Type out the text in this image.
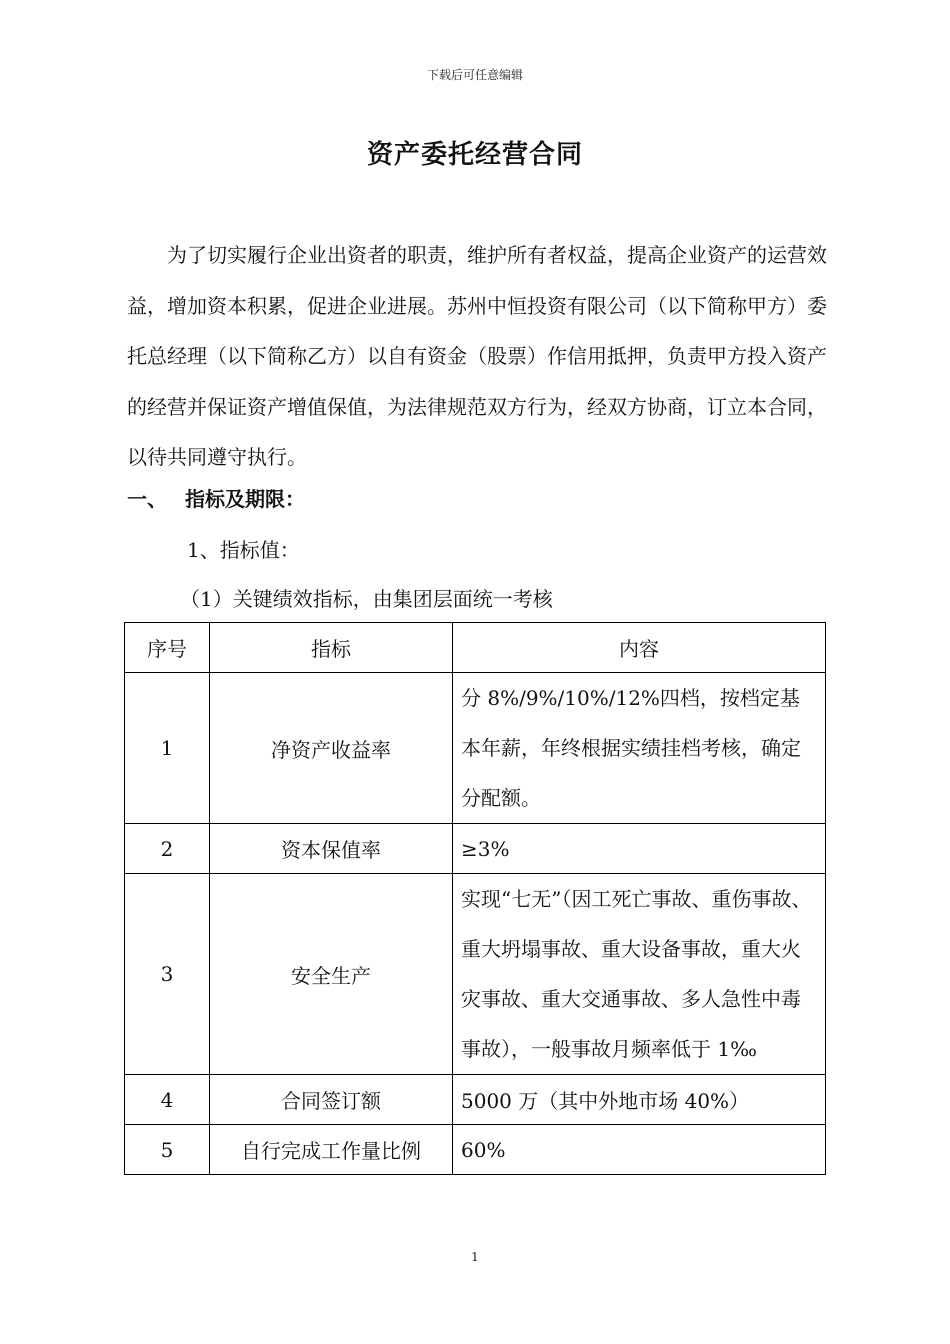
下载后可任意编辑
资产委托经营合同

为了切实履行企业出资者的职责，维护所有者权益，提高企业资产的运营效益，增加资本积累，促进企业进展。苏州中恒投资有限公司（以下简称甲方）委托总经理（以下简称乙方）以自有资金（股票）作信用抵押，负责甲方投入资产的经营并保证资产增值保值，为法律规范双方行为，经双方协商，订立本合同，以待共同遵守执行。

一、 指标及期限：
1、指标值：
（1）关键绩效指标，由集团层面统一考核
序号	指标	内容
1	净资产收益率	分 8%/9%/10%/12%四档，按档定基本年薪，年终根据实绩挂档考核，确定分配额。
2	资本保值率	≥3%
3	安全生产	实现“七无”（因工死亡事故、重伤事故、重大坍塌事故、重大设备事故，重大火灾事故、重大交通事故、多人急性中毒事故），一般事故月频率低于 1‰
4	合同签订额	5000 万（其中外地市场 40%）
5	自行完成工作量比例	60%
1
